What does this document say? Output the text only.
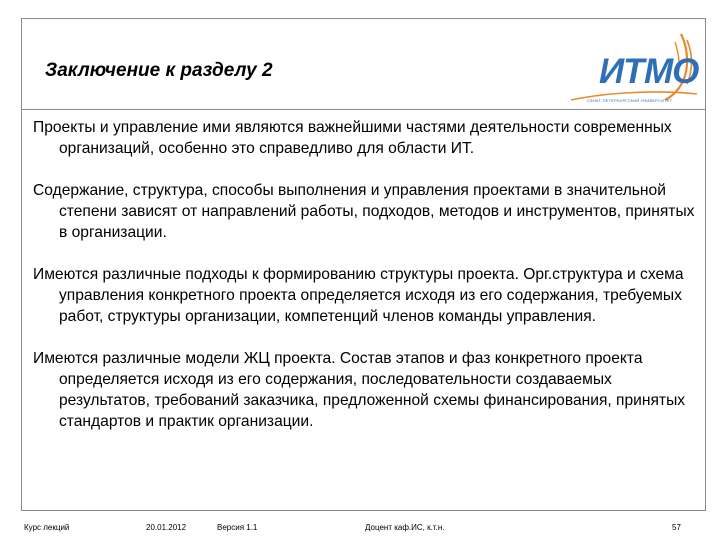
Заключение к разделу 2	ИТМО
САНКТ-ПЕТЕРБУРГСКИЙ УНИВЕРСИТЕТ

Проекты и управление ими являются важнейшими частями деятельности современных организаций, особенно это справедливо для области ИТ.

Содержание, структура, способы выполнения и управления проектами в значительной степени зависят от направлений работы, подходов, методов и инструментов, принятых в организации.

Имеются различные подходы к формированию структуры проекта. Орг.структура и схема управления конкретного проекта определяется исходя из его содержания, требуемых работ, структуры организации, компетенций членов команды управления.

Имеются различные модели ЖЦ проекта. Состав этапов и фаз конкретного проекта определяется исходя из его содержания, последовательности создаваемых результатов, требований заказчика, предложенной схемы финансирования, принятых стандартов и практик организации.

Курс лекций	20.01.2012	Версия 1.1	Доцент каф.ИС, к.т.н.	57
